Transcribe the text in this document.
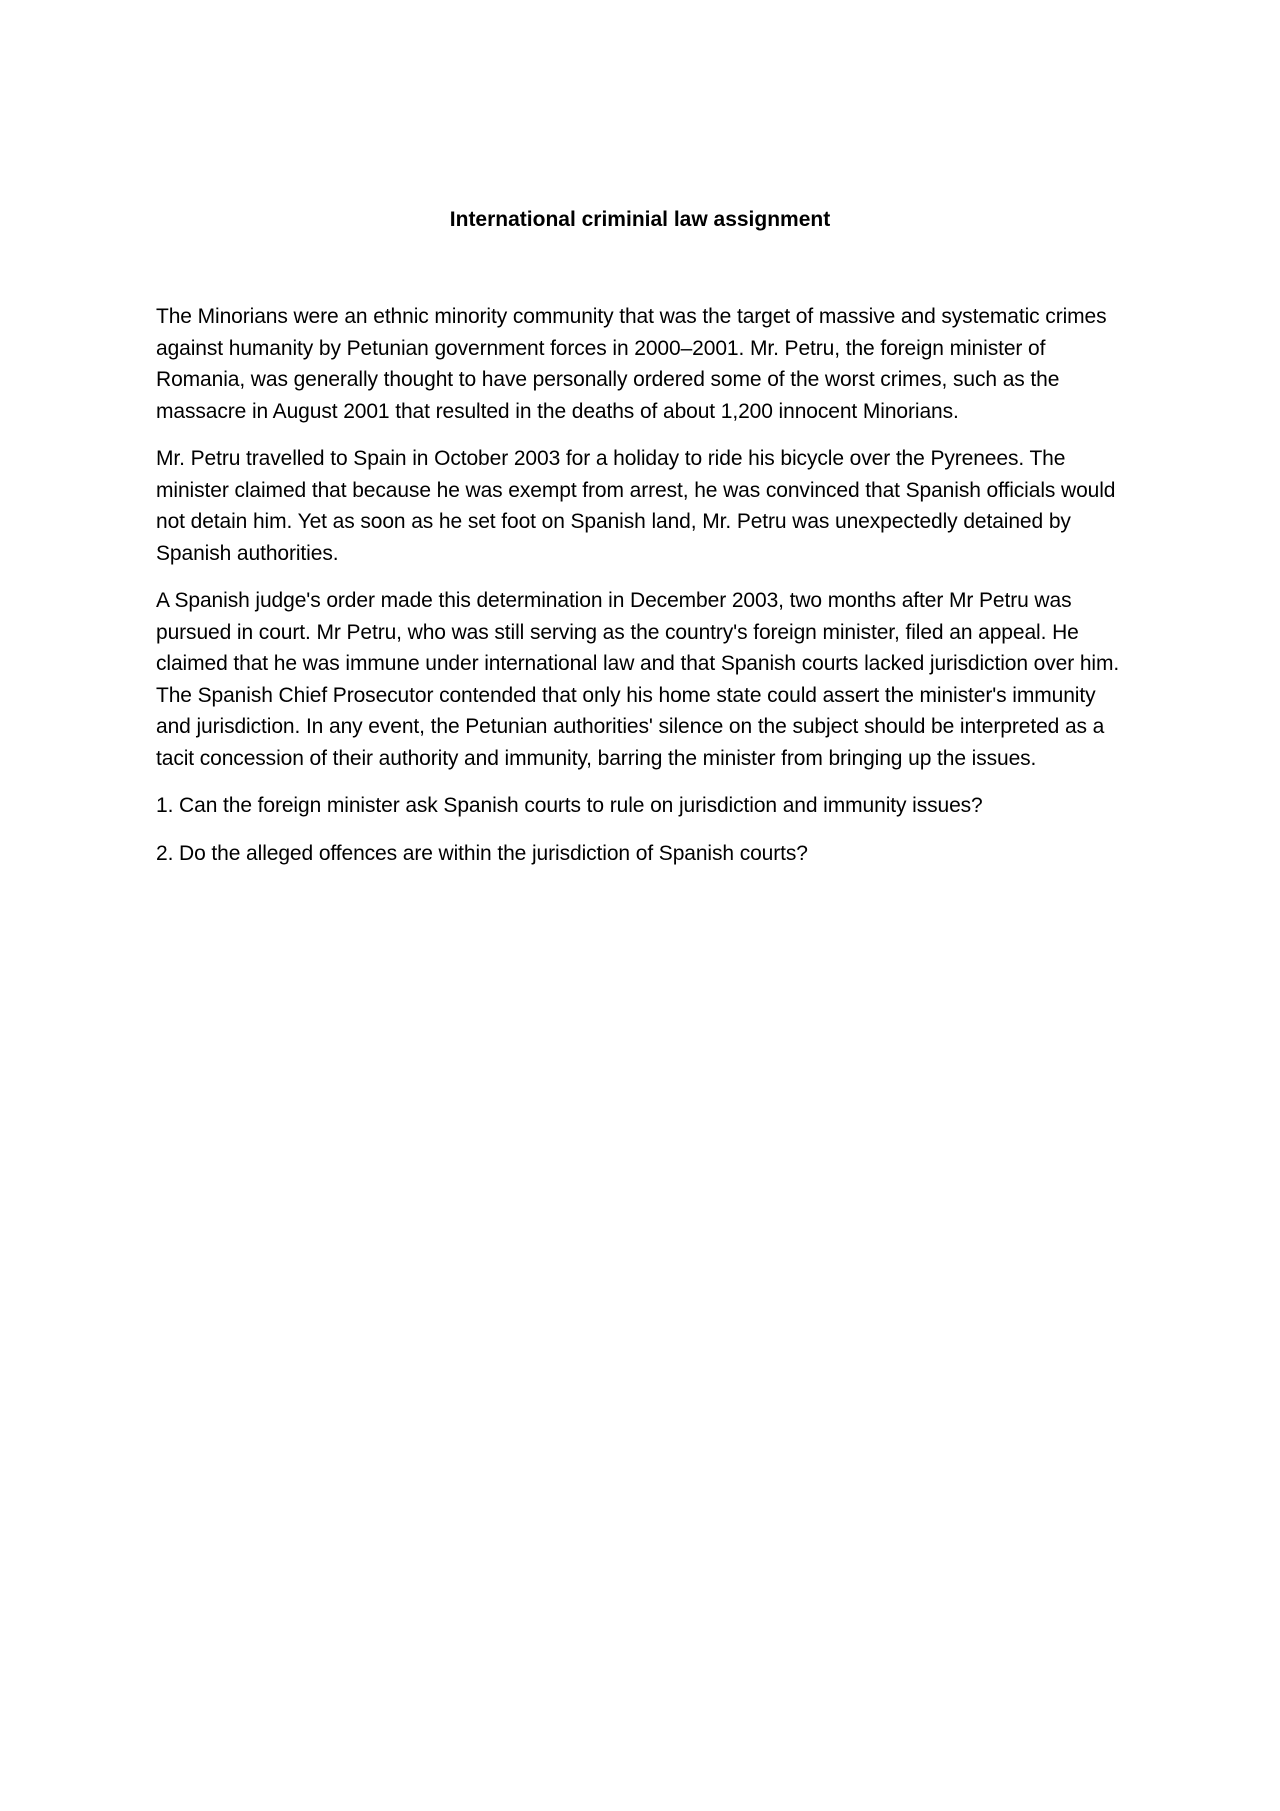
International criminial law assignment

The Minorians were an ethnic minority community that was the target of massive and systematic crimes against humanity by Petunian government forces in 2000–2001. Mr. Petru, the foreign minister of Romania, was generally thought to have personally ordered some of the worst crimes, such as the massacre in August 2001 that resulted in the deaths of about 1,200 innocent Minorians.

Mr. Petru travelled to Spain in October 2003 for a holiday to ride his bicycle over the Pyrenees. The minister claimed that because he was exempt from arrest, he was convinced that Spanish officials would not detain him. Yet as soon as he set foot on Spanish land, Mr. Petru was unexpectedly detained by Spanish authorities.

A Spanish judge's order made this determination in December 2003, two months after Mr Petru was pursued in court. Mr Petru, who was still serving as the country's foreign minister, filed an appeal. He claimed that he was immune under international law and that Spanish courts lacked jurisdiction over him. The Spanish Chief Prosecutor contended that only his home state could assert the minister's immunity and jurisdiction. In any event, the Petunian authorities' silence on the subject should be interpreted as a tacit concession of their authority and immunity, barring the minister from bringing up the issues.

1. Can the foreign minister ask Spanish courts to rule on jurisdiction and immunity issues?

2. Do the alleged offences are within the jurisdiction of Spanish courts?
